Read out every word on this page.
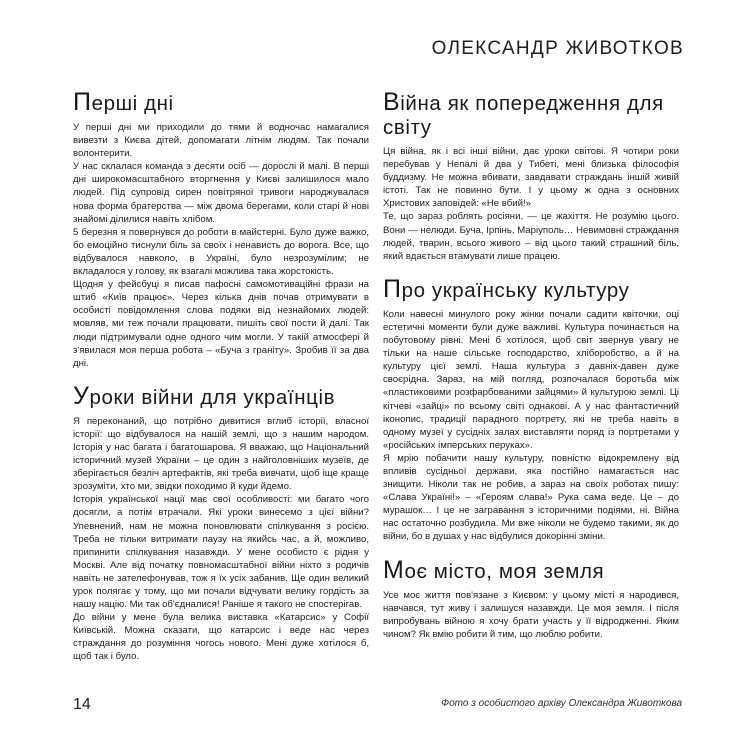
ОЛЕКСАНДР ЖИВОТКОВ
Перші дні

У перші дні ми приходили до тями й водночас намагалися вивезти з Києва дітей, допомагати літнім людям. Так почали волонтерити.

У нас склалася команда з десяти осіб — дорослі й малі. В перші дні широкомасштабного вторгнення у Києві залишилося мало людей. Під супровід сирен повітряної тривоги народжувалася нова форма братерства — між двома берегами, коли старі й нові знайомі ділилися навіть хлібом.

5 березня я повернувся до роботи в майстерні. Було дуже важко, бо емоційно тиснули біль за своїх і ненависть до ворога. Все, що відбувалося навколо, в Україні, було незрозумілим; не вкладалося у голову, як взагалі можлива така жорстокість.

Щодня у фейсбуці я писав пафосні самомотиваційні фрази на штиб «Київ працює». Через кілька днів почав отримувати в особисті повідомлення слова подяки від незнайомих людей: мовляв, ми теж почали працювати, пишіть свої пости й далі. Так люди підтримували одне одного чим могли. У такій атмосфері й з'явилася моя перша робота – «Буча з граніту». Зробив її за два дні.

Уроки війни для українців

Я переконаний, що потрібно дивитися вглиб історії, власної історії: що відбувалося на нашій землі, що з нашим народом. Історія у нас багата і багатошарова. Я вважаю, що Національний історичний музей України – це один з найголовніших музеїв, де зберігається безліч артефактів, які треба вивчати, щоб іще краще зрозуміти, хто ми, звідки походимо й куди йдемо.

Історія української нації має свої особливості: ми багато чого досягли, а потім втрачали. Які уроки винесемо з цієї війни? Упевнений, нам не можна поновлювати спілкування з росією. Треба не тільки витримати паузу на якийсь час, а й, можливо, припинити спілкування назавжди. У мене особисто є рідня у Москві. Але від початку повномасштабної війни ніхто з родичів навіть не зателефонував, тож я їх усіх забанив. Ще один великий урок полягає у тому, що ми почали відчувати велику гордість за нашу націю. Ми так об'єдналися! Раніше я такого не спостерігав.

До війни у мене була велика виставка «Катарсис» у Софії Київській. Можна сказати, що катарсис і веде нас через страждання до розуміння чогось нового. Мені дуже хотілося б, щоб так і було.

Війна як попередження для світу

Ця війна, як і всі інші війни, дає уроки світові. Я чотири роки перебував у Непалі й два у Тибеті, мені близька філософія буддизму. Не можна вбивати, завдавати страждань іншій живій істоті. Так не повинно бути. І у цьому ж одна з основних Христових заповідей: «Не вбий!»

Те, що зараз роблять росіяни, — це жахіття. Не розумію цього. Вони — нелюди. Буча, Ірпінь, Маріуполь… Невимовні страждання людей, тварин, всього живого – від цього такий страшний біль, який вдається втамувати лише працею.

Про українську культуру

Коли навесні минулого року жінки почали садити квіточки, оці естетичні моменти були дуже важливі. Культура починається на побутовому рівні. Мені б хотілося, щоб світ звернув увагу не тільки на наше сільське господарство, хліборобство, а й на культуру цієї землі. Наша культура з давніх-давен дуже своєрідна. Зараз, на мій погляд, розпочалася боротьба між «пластиковими розфарбованими зайцями» й культурою землі. Ці кітчеві «зайці» по всьому світі однакові. А у нас фантастичний іконопис, традиції парадного портрету, які не треба навіть в одному музеї у сусідніх залах виставляти поряд із портретами у «російських імперських перуках».

Я мрію побачити нашу культуру, повністю відокремлену від впливів сусідньої держави, яка постійно намагається нас знищити. Ніколи так не робив, а зараз на своїх роботах пишу: «Слава Україні!» – «Героям слава!» Рука сама веде. Це – до мурашок… І це не загравання з історичними подіями, ні. Війна нас остаточно розбудила. Ми вже ніколи не будемо такими, як до війни, бо в душах у нас відбулися докорінні зміни.

Моє місто, моя земля

Усе моє життя пов'язане з Києвом: у цьому місті я народився, навчався, тут живу і залишуся назавжди. Це моя земля. І після випробувань війною я хочу брати участь у її відродженні. Яким чином? Як вмію робити й тим, що люблю робити.

14	Фото з особистого архіву Олександра Животкова
